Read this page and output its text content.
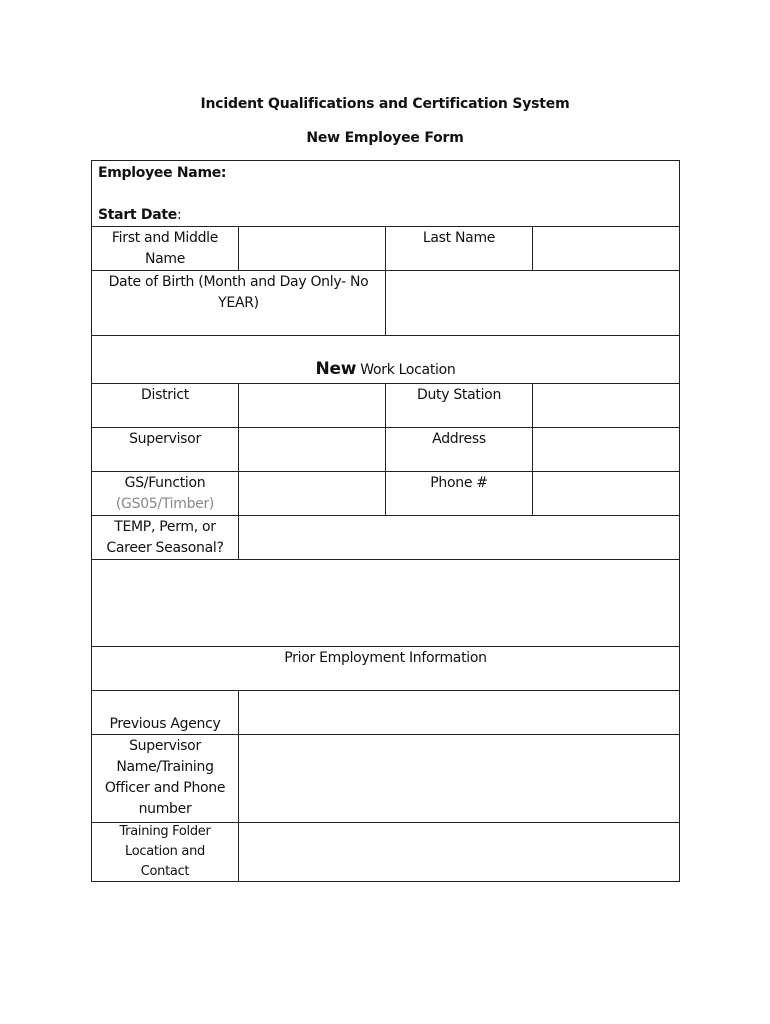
Incident Qualifications and Certification System
New Employee Form
Employee Name:
Start Date:
First and Middle
Name
Last Name
Date of Birth (Month and Day Only- No
YEAR)
New Work Location
District	Duty Station
Supervisor	Address
GS/Function
(GS05/Timber)
Phone #
TEMP, Perm, or
Career Seasonal?
Prior Employment Information
Previous Agency
Supervisor
Name/Training
Officer and Phone
number
Training Folder
Location and
Contact
